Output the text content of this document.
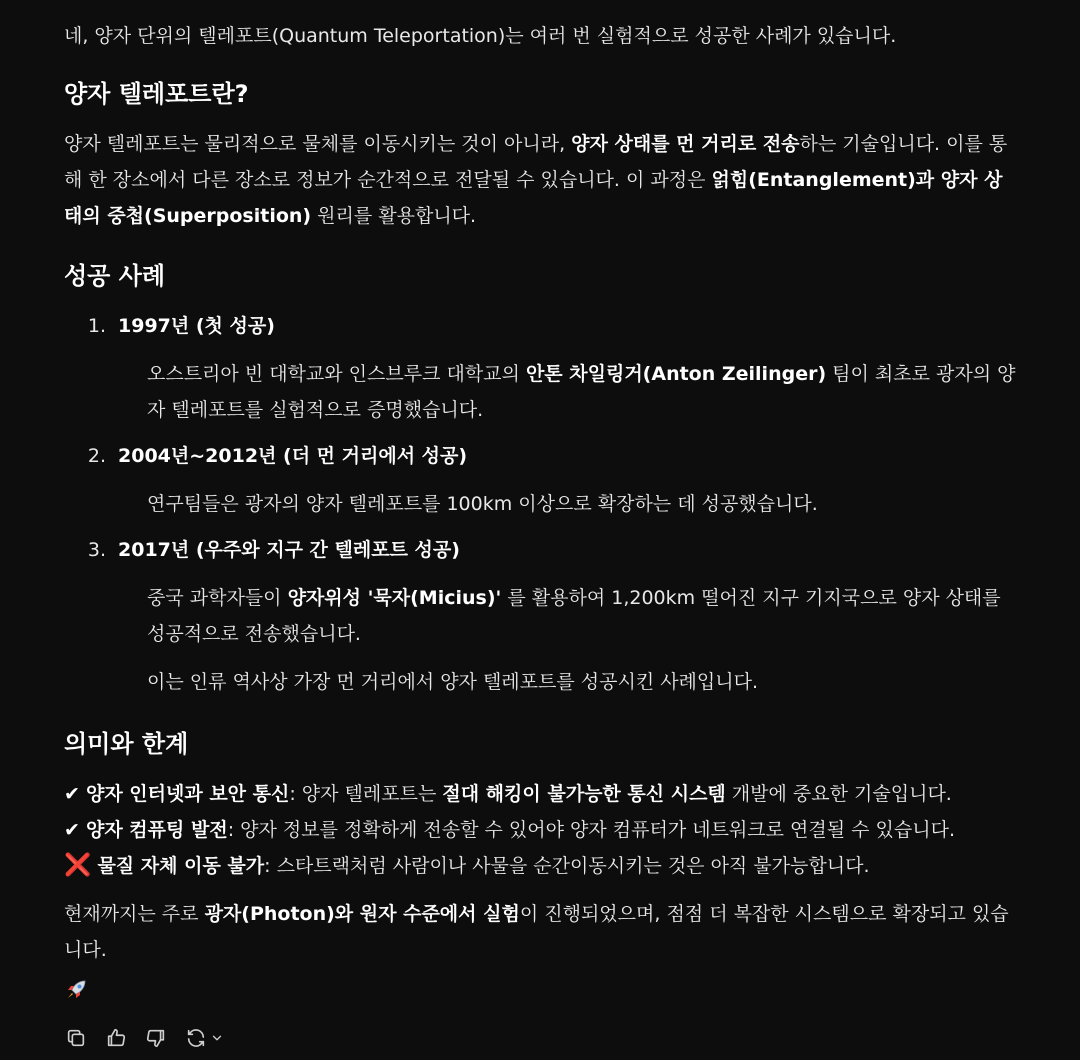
네, 양자 단위의 텔레포트(Quantum Teleportation)는 여러 번 실험적으로 성공한 사례가 있습니다.

양자 텔레포트란?

양자 텔레포트는 물리적으로 물체를 이동시키는 것이 아니라, 양자 상태를 먼 거리로 전송하는 기술입니다. 이를 통해 한 장소에서 다른 장소로 정보가 순간적으로 전달될 수 있습니다. 이 과정은 얽힘(Entanglement)과 양자 상태의 중첩(Superposition) 원리를 활용합니다.

성공 사례
1. 1997년 (첫 성공)

오스트리아 빈 대학교와 인스브루크 대학교의 안톤 차일링거(Anton Zeilinger) 팀이 최초로 광자의 양자 텔레포트를 실험적으로 증명했습니다.

2. 2004년~2012년 (더 먼 거리에서 성공)

연구팀들은 광자의 양자 텔레포트를 100km 이상으로 확장하는 데 성공했습니다.

3. 2017년 (우주와 지구 간 텔레포트 성공)

중국 과학자들이 양자위성 '묵자(Micius)' 를 활용하여 1,200km 떨어진 지구 기지국으로 양자 상태를 성공적으로 전송했습니다.

이는 인류 역사상 가장 먼 거리에서 양자 텔레포트를 성공시킨 사례입니다.

의미와 한계

✔ 양자 인터넷과 보안 통신: 양자 텔레포트는 절대 해킹이 불가능한 통신 시스템 개발에 중요한 기술입니다.

✔ 양자 컴퓨팅 발전: 양자 정보를 정확하게 전송할 수 있어야 양자 컴퓨터가 네트워크로 연결될 수 있습니다.

❌ 물질 자체 이동 불가: 스타트랙처럼 사람이나 사물을 순간이동시키는 것은 아직 불가능합니다.

현재까지는 주로 광자(Photon)와 원자 수준에서 실험이 진행되었으며, 점점 더 복잡한 시스템으로 확장되고 있습니다.
